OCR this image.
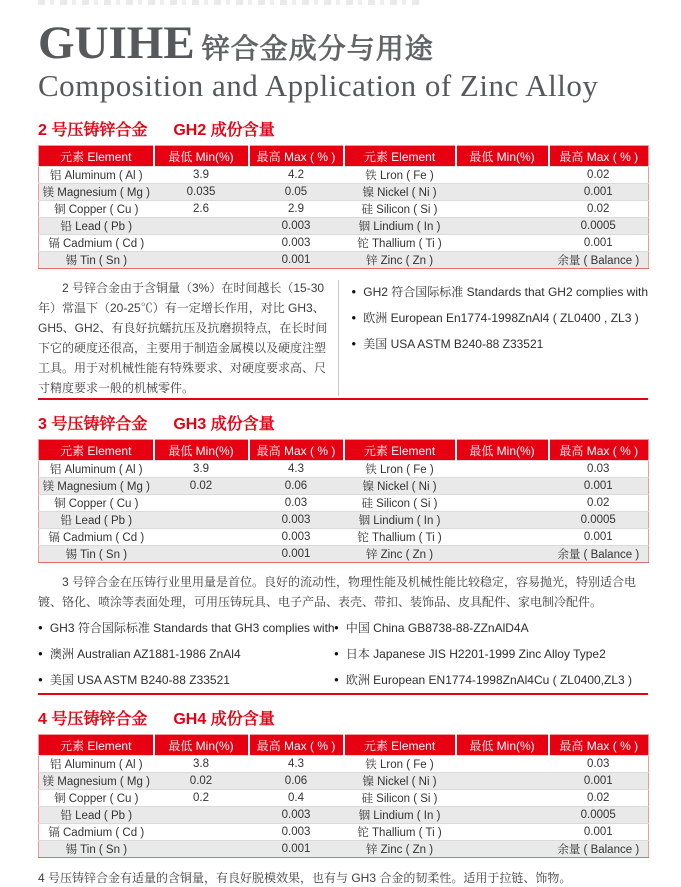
GUIHE 锌合金成分与用途
Composition and Application of Zinc Alloy
2 号压铸锌合金 GH2 成份含量
元素 Element	最低 Min(%)	最高 Max ( % )	元素 Element	最低 Min(%)	最高 Max ( % )
铝 Aluminum ( Al )	3.9	4.2	铁 Lron ( Fe )		0.02
镁 Magnesium ( Mg )	0.035	0.05	镍 Nickel ( Ni )		0.001
铜 Copper ( Cu )	2.6	2.9	硅 Silicon ( Si )		0.02
铅 Lead ( Pb )		0.003	铟 Lindium ( In )		0.0005
镉 Cadmium ( Cd )		0.003	铊 Thallium ( Ti )		0.001
锡 Tin ( Sn )		0.001	锌 Zinc ( Zn )		余量 ( Balance )

2 号锌合金由于含铜量（3%）在时间越长（15-30 年）常温下（20-25℃）有一定增长作用，对比 GH3、GH5、GH2、有良好抗蠕抗压及抗磨损特点，在长时间下它的硬度还很高，主要用于制造金属模以及硬度注塑工具。用于对机械性能有特殊要求、对硬度要求高、尺寸精度要求一般的机械零件。

● GH2 符合国际标准 Standards that GH2 complies with
● 欧洲 European En1774-1998ZnAl4 ( ZL0400 , ZL3 )
● 美国 USA ASTM B240-88 Z33521
3 号压铸锌合金 GH3 成份含量
元素 Element	最低 Min(%)	最高 Max ( % )	元素 Element	最低 Min(%)	最高 Max ( % )
铝 Aluminum ( Al )	3.9	4.3	铁 Lron ( Fe )		0.03
镁 Magnesium ( Mg )	0.02	0.06	镍 Nickel ( Ni )		0.001
铜 Copper ( Cu )		0.03	硅 Silicon ( Si )		0.02
铅 Lead ( Pb )		0.003	铟 Lindium ( In )		0.0005
镉 Cadmium ( Cd )		0.003	铊 Thallium ( Ti )		0.001
锡 Tin ( Sn )		0.001	锌 Zinc ( Zn )		余量 ( Balance )

3 号锌合金在压铸行业里用量是首位。良好的流动性，物理性能及机械性能比较稳定，容易抛光，特别适合电镀、铬化、喷涂等表面处理，可用压铸玩具、电子产品、表壳、带扣、装饰品、皮具配件、家电制冷配件。

● GH3 符合国际标准 Standards that GH3 complies with
● 澳洲 Australian AZ1881-1986 ZnAl4
● 美国 USA ASTM B240-88 Z33521
● 中国 China GB8738-88-ZZnAlD4A
● 日本 Japanese JIS H2201-1999 Zinc Alloy Type2
● 欧洲 European EN1774-1998ZnAl4Cu ( ZL0400,ZL3 )
4 号压铸锌合金 GH4 成份含量
元素 Element	最低 Min(%)	最高 Max ( % )	元素 Element	最低 Min(%)	最高 Max ( % )
铝 Aluminum ( Al )	3.8	4.3	铁 Lron ( Fe )		0.03
镁 Magnesium ( Mg )	0.02	0.06	镍 Nickel ( Ni )		0.001
铜 Copper ( Cu )	0.2	0.4	硅 Silicon ( Si )		0.02
铅 Lead ( Pb )		0.003	铟 Lindium ( In )		0.0005
镉 Cadmium ( Cd )		0.003	铊 Thallium ( Ti )		0.001
锡 Tin ( Sn )		0.001	锌 Zinc ( Zn )		余量 ( Balance )

4 号压铸锌合金有适量的含铜量，有良好脱模效果，也有与 GH3 合金的韧柔性。适用于拉链、饰物。
